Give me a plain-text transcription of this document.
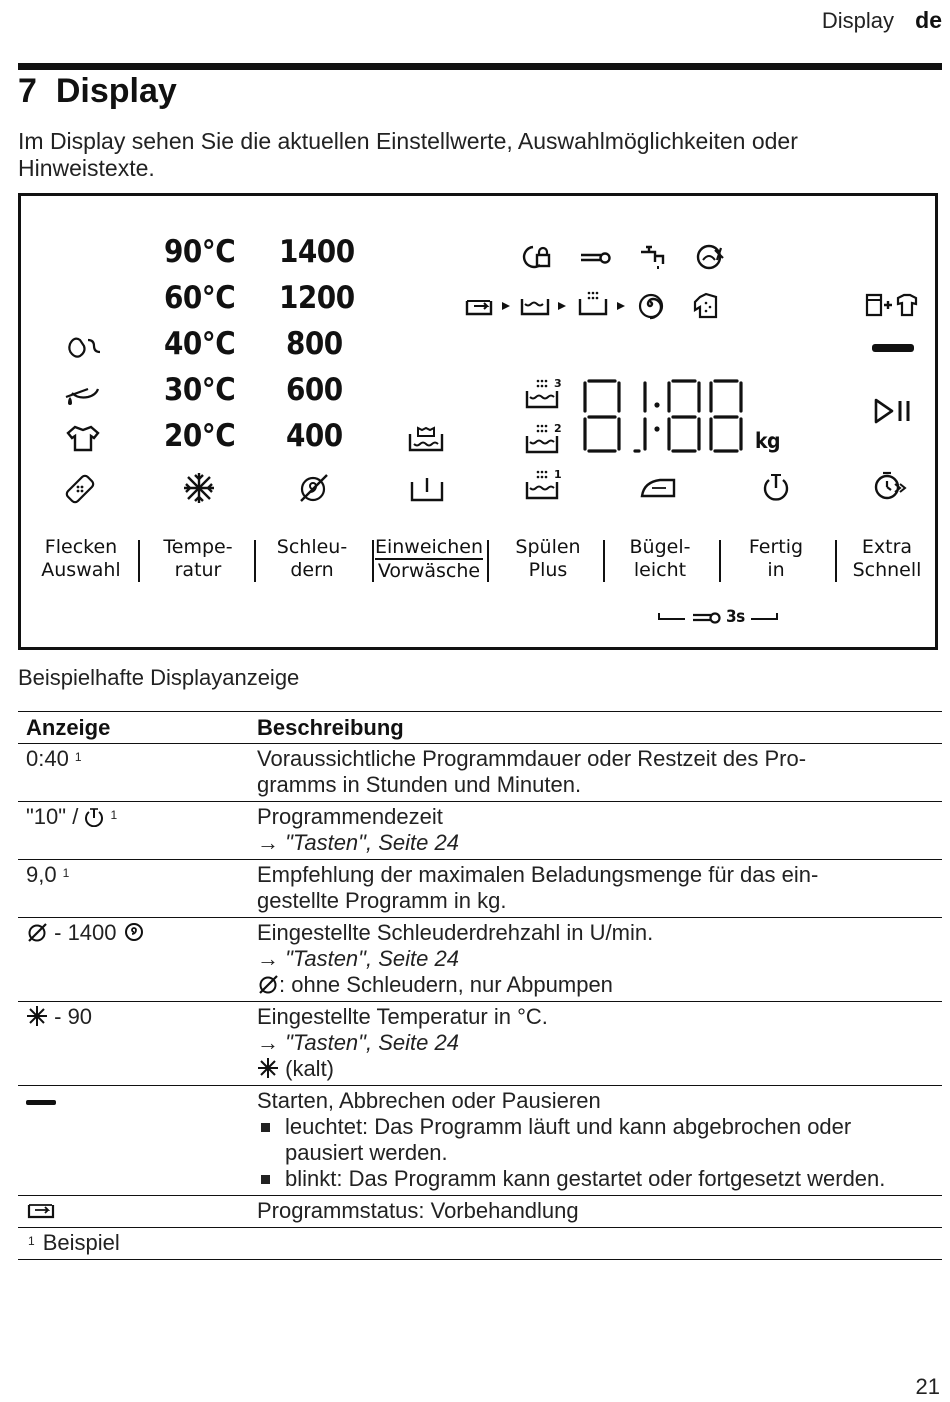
Display de
7 Display
Im Display sehen Sie die aktuellen Einstellwerte, Auswahlmöglichkeiten oder Hinweistexte.
90°C
60°C
40°C
30°C
20°C
1400
1200
800
600
400
3
2
1
kg
Flecken
Auswahl
Tempe-
ratur
Schleu-
dern
Einweichen
Vorwäsche
Spülen
Plus
Bügel-
leicht
Fertig
in
Extra
Schnell
3s
Beispielhafte Displayanzeige
Anzeige	Beschreibung
0:40 $^1$	Voraussichtliche Programmdauer oder Restzeit des Pro-
gramms in Stunden und Minuten.

"10" / $^1$	Programmendezeit
→ "Tasten", Seite 24

9,0 $^1$	Empfehlung der maximalen Beladungsmenge für das ein-
gestellte Programm in kg.

- 1400	Eingestellte Schleuderdrehzahl in U/min.
→ "Tasten", Seite 24
: ohne Schleudern, nur Abpumpen

- 90	Eingestellte Temperatur in °C.
→ "Tasten", Seite 24
(kalt)

	Starten, Abbrechen oder Pausieren
leuchtet: Das Programm läuft und kann abgebrochen oder pausiert werden.
blinkt: Das Programm kann gestartet oder fortgesetzt werden.

Programmstatus: Vorbehandlung

$^1$ Beispiel	
21
